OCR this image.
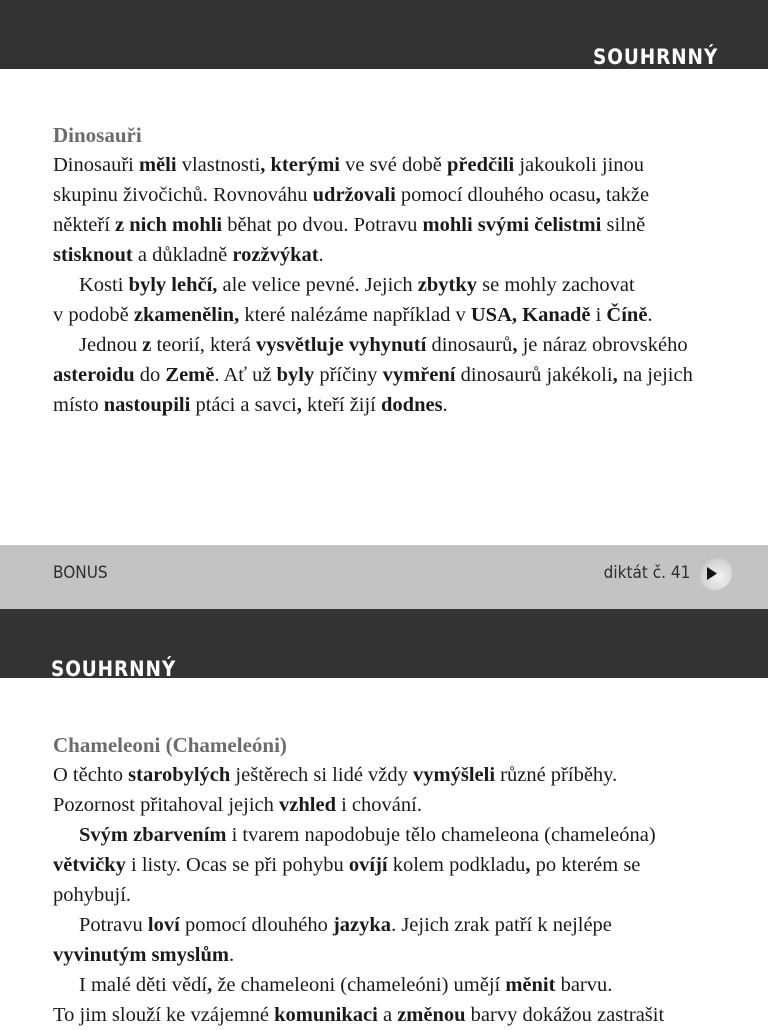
SOUHRNNÝ
Dinosauři
Dinosauři měli vlastnosti, kterými ve své době předčili jakoukoli jinou
skupinu živočichů. Rovnováhu udržovali pomocí dlouhého ocasu, takže
někteří z nich mohli běhat po dvou. Potravu mohli svými čelistmi silně
stisknout a důkladně rozžvýkat.
Kosti byly lehčí, ale velice pevné. Jejich zbytky se mohly zachovat
v podobě zkamenělin, které nalézáme například v USA, Kanadě i Číně.
Jednou z teorií, která vysvětluje vyhynutí dinosaurů, je náraz obrovského
asteroidu do Země. Ať už byly příčiny vymření dinosaurů jakékoli, na jejich
místo nastoupili ptáci a savci, kteří žijí dodnes.
BONUS	diktát č. 41
SOUHRNNÝ
Chameleoni (Chameleóni)
O těchto starobylých ještěrech si lidé vždy vymýšleli různé příběhy.
Pozornost přitahoval jejich vzhled i chování.
Svým zbarvením i tvarem napodobuje tělo chameleona (chameleóna)
větvičky i listy. Ocas se při pohybu ovíjí kolem podkladu, po kterém se
pohybují.
Potravu loví pomocí dlouhého jazyka. Jejich zrak patří k nejlépe
vyvinutým smyslům.
I malé děti vědí, že chameleoni (chameleóni) umějí měnit barvu.
To jim slouží ke vzájemné komunikaci a změnou barvy dokážou zastrašit
